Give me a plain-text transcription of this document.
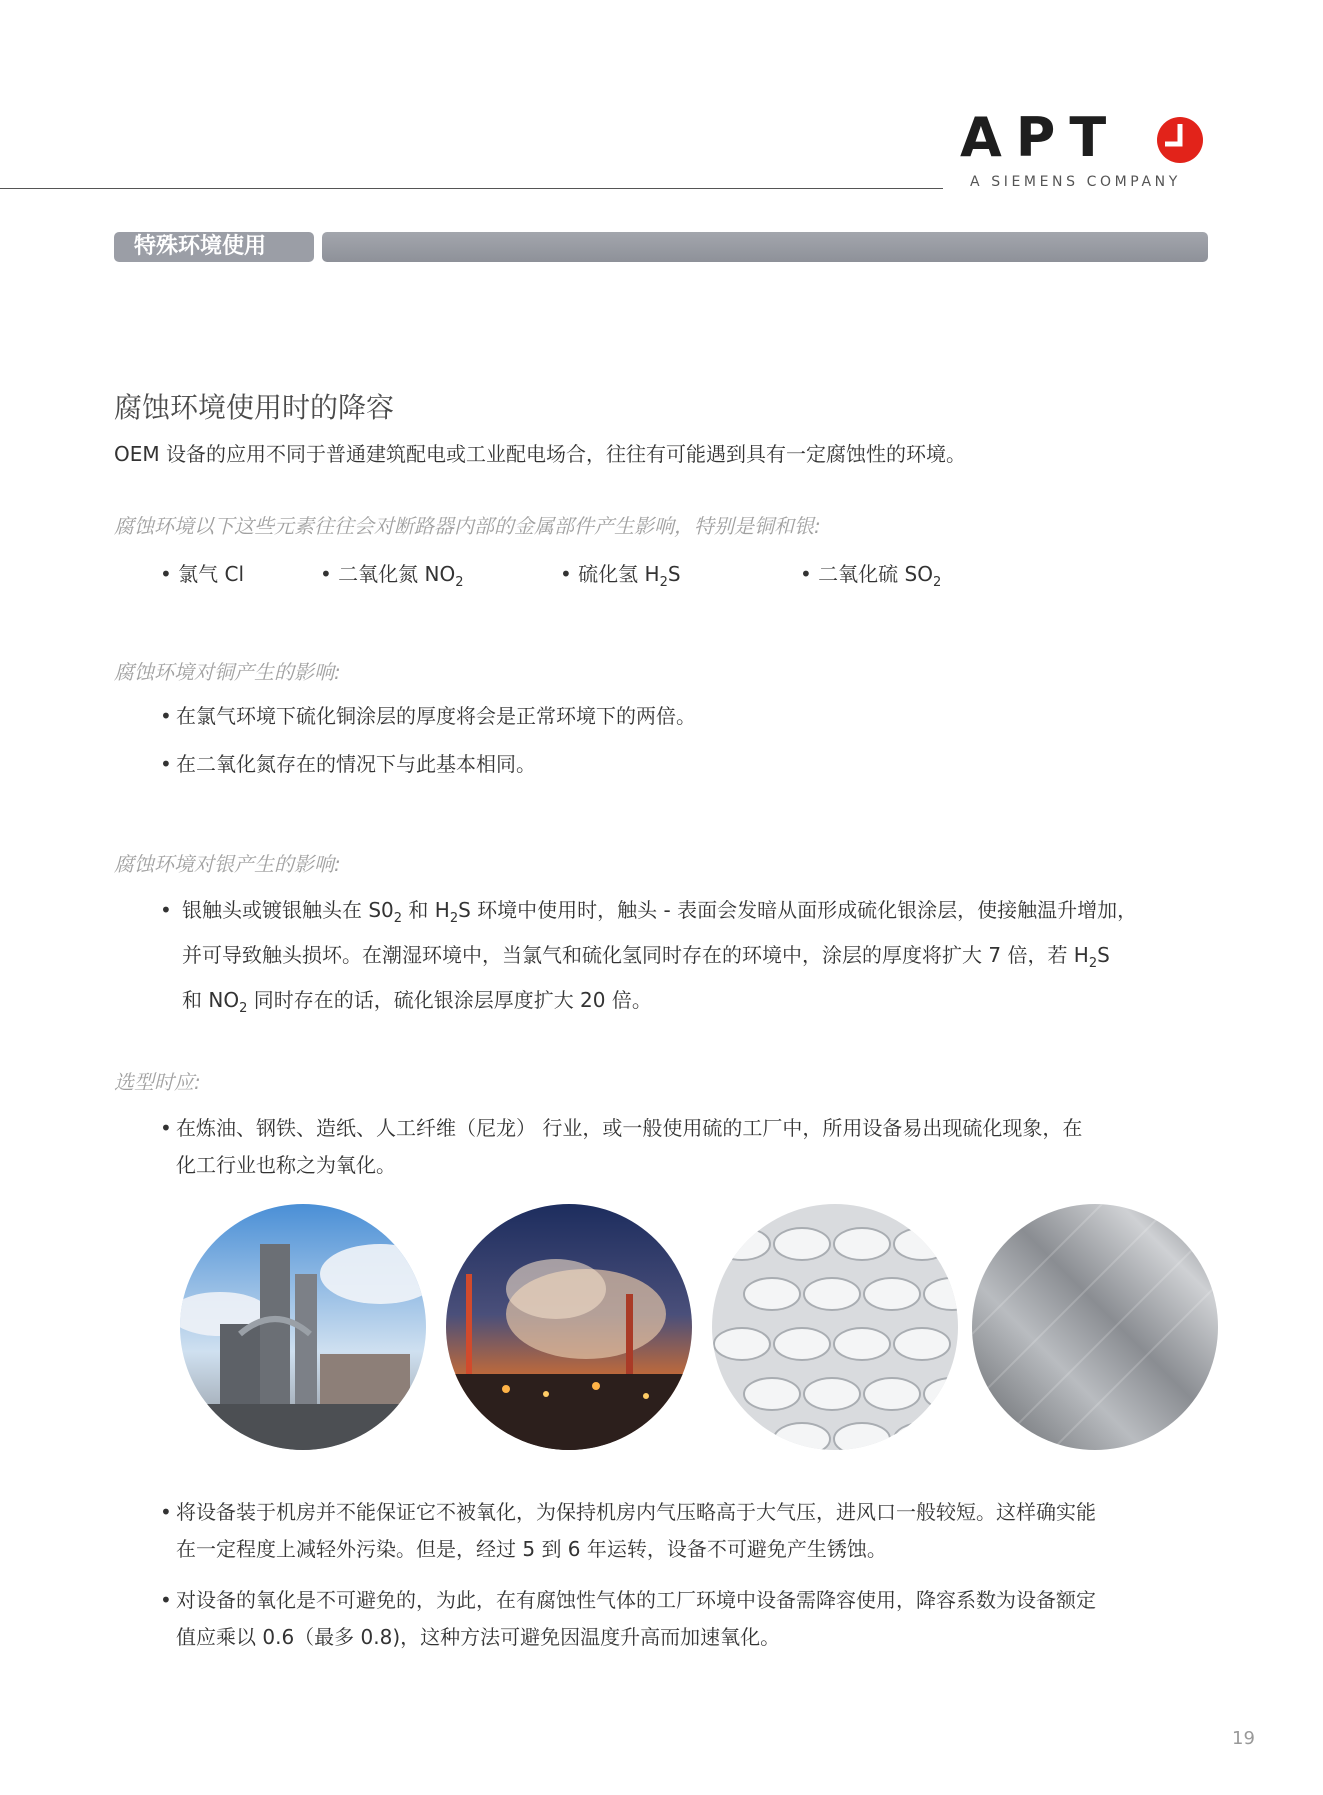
APT
A SIEMENS COMPANY
特殊环境使用
腐蚀环境使用时的降容
OEM 设备的应用不同于普通建筑配电或工业配电场合，往往有可能遇到具有一定腐蚀性的环境。
腐蚀环境以下这些元素往往会对断路器内部的金属部件产生影响，特别是铜和银:
• 氯气 Cl	• 二氧化氮 $NO_2$	• 硫化氢 $H_2S$	• 二氧化硫 $SO_2$
腐蚀环境对铜产生的影响:
• 在氯气环境下硫化铜涂层的厚度将会是正常环境下的两倍。
• 在二氧化氮存在的情况下与此基本相同。
腐蚀环境对银产生的影响:
• 银触头或镀银触头在 $S0_2$ 和 $H_2S$ 环境中使用时，触头 - 表面会发暗从面形成硫化银涂层，使接触温升增加，
并可导致触头损坏。在潮湿环境中，当氯气和硫化氢同时存在的环境中，涂层的厚度将扩大 7 倍，若 $H_2S$
和 $NO_2$ 同时存在的话，硫化银涂层厚度扩大 20 倍。
选型时应:
• 在炼油、钢铁、造纸、人工纤维（尼龙） 行业，或一般使用硫的工厂中，所用设备易出现硫化现象，在
化工行业也称之为氧化。
• 将设备装于机房并不能保证它不被氧化，为保持机房内气压略高于大气压，进风口一般较短。这样确实能
在一定程度上减轻外污染。但是，经过 5 到 6 年运转，设备不可避免产生锈蚀。
• 对设备的氧化是不可避免的，为此，在有腐蚀性气体的工厂环境中设备需降容使用，降容系数为设备额定
值应乘以 0.6（最多 0.8)，这种方法可避免因温度升高而加速氧化。
19
